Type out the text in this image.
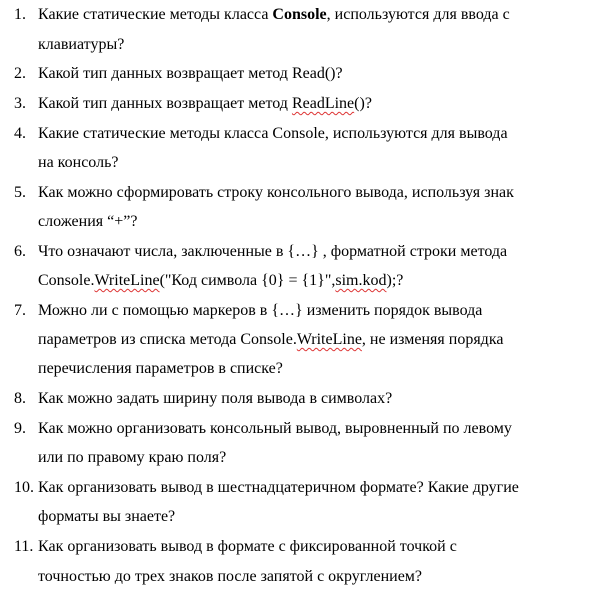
1. Какие статические методы класса Console, используются для ввода с
клавиатуры?
2. Какой тип данных возвращает метод Read()?
3. Какой тип данных возвращает метод ReadLine()?
4. Какие статические методы класса Console, используются для вывода
на консоль?
5. Как можно сформировать строку консольного вывода, используя знак
сложения “+”?
6. Что означают числа, заключенные в {…} , форматной строки метода
Console.WriteLine("Код символа {0} = {1}",sim.kod);?
7. Можно ли с помощью маркеров в {…} изменить порядок вывода
параметров из списка метода Console.WriteLine, не изменяя порядка
перечисления параметров в списке?
8. Как можно задать ширину поля вывода в символах?
9. Как можно организовать консольный вывод, выровненный по левому
или по правому краю поля?
10. Как организовать вывод в шестнадцатеричном формате? Какие другие
форматы вы знаете?
11. Как организовать вывод в формате с фиксированной точкой с
точностью до трех знаков после запятой с округлением?
